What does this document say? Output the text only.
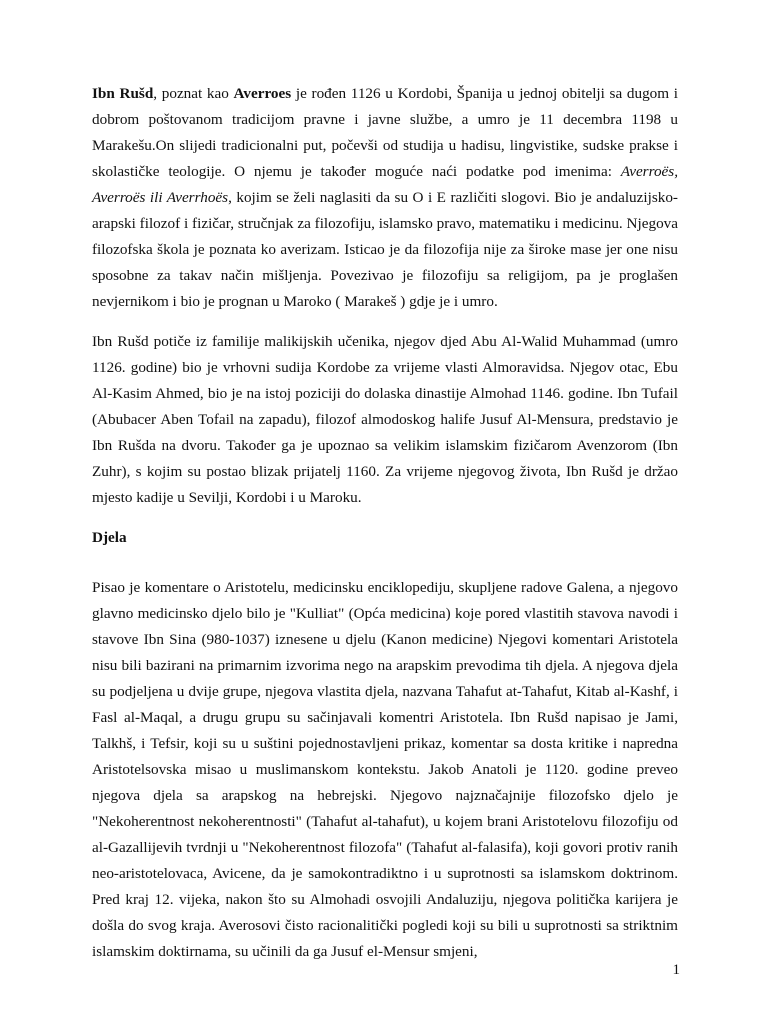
Ibn Rušd, poznat kao Averroes je rođen 1126 u Kordobi, Španija u jednoj obitelji sa dugom i dobrom poštovanom tradicijom pravne i javne službe, a umro je 11 decembra 1198 u Marakešu.On slijedi tradicionalni put, počevši od studija u hadisu, lingvistike, sudske prakse i skolastičke teologije. O njemu je također moguće naći podatke pod imenima: Averroës, Averroës ili Averrhoës, kojim se želi naglasiti da su O i E različiti slogovi. Bio je andaluzijsko-arapski filozof i fizičar, stručnjak za filozofiju, islamsko pravo, matematiku i medicinu. Njegova filozofska škola je poznata ko averizam. Isticao je da filozofija nije za široke mase jer one nisu sposobne za takav način mišljenja. Povezivao je filozofiju sa religijom, pa je proglašen nevjernikom i bio je prognan u Maroko ( Marakeš ) gdje je i umro.

Ibn Rušd potiče iz familije malikijskih učenika, njegov djed Abu Al-Walid Muhammad (umro 1126. godine) bio je vrhovni sudija Kordobe za vrijeme vlasti Almoravidsa. Njegov otac, Ebu Al-Kasim Ahmed, bio je na istoj poziciji do dolaska dinastije Almohad 1146. godine. Ibn Tufail (Abubacer Aben Tofail na zapadu), filozof almodoskog halife Jusuf Al-Mensura, predstavio je Ibn Rušda na dvoru. Također ga je upoznao sa velikim islamskim fizičarom Avenzorom (Ibn Zuhr), s kojim su postao blizak prijatelj 1160. Za vrijeme njegovog života, Ibn Rušd je držao mjesto kadije u Sevilji, Kordobi i u Maroku.

Djela

Pisao je komentare o Aristotelu, medicinsku enciklopediju, skupljene radove Galena, a njegovo glavno medicinsko djelo bilo je "Kulliat" (Opća medicina) koje pored vlastitih stavova navodi i stavove Ibn Sina (980-1037) iznesene u djelu (Kanon medicine) Njegovi komentari Aristotela nisu bili bazirani na primarnim izvorima nego na arapskim prevodima tih djela. A njegova djela su podjeljena u dvije grupe, njegova vlastita djela, nazvana Tahafut at-Tahafut, Kitab al-Kashf, i Fasl al-Maqal, a drugu grupu su sačinjavali komentri Aristotela. Ibn Rušd napisao je Jami, Talkhš, i Tefsir, koji su u suštini pojednostavljeni prikaz, komentar sa dosta kritike i napredna Aristotelsovska misao u muslimanskom kontekstu. Jakob Anatoli je 1120. godine preveo njegova djela sa arapskog na hebrejski. Njegovo najznačajnije filozofsko djelo je "Nekoherentnost nekoherentnosti" (Tahafut al-tahafut), u kojem brani Aristotelovu filozofiju od al-Gazallijevih tvrdnji u "Nekoherentnost filozofa" (Tahafut al-falasifa), koji govori protiv ranih neo-aristotelovaca, Avicene, da je samokontradiktno i u suprotnosti sa islamskom doktrinom. Pred kraj 12. vijeka, nakon što su Almohadi osvojili Andaluziju, njegova politička karijera je došla do svog kraja. Averosovi čisto racionalitički pogledi koji su bili u suprotnosti sa striktnim islamskim doktirnama, su učinili da ga Jusuf el-Mensur smjeni,

1
